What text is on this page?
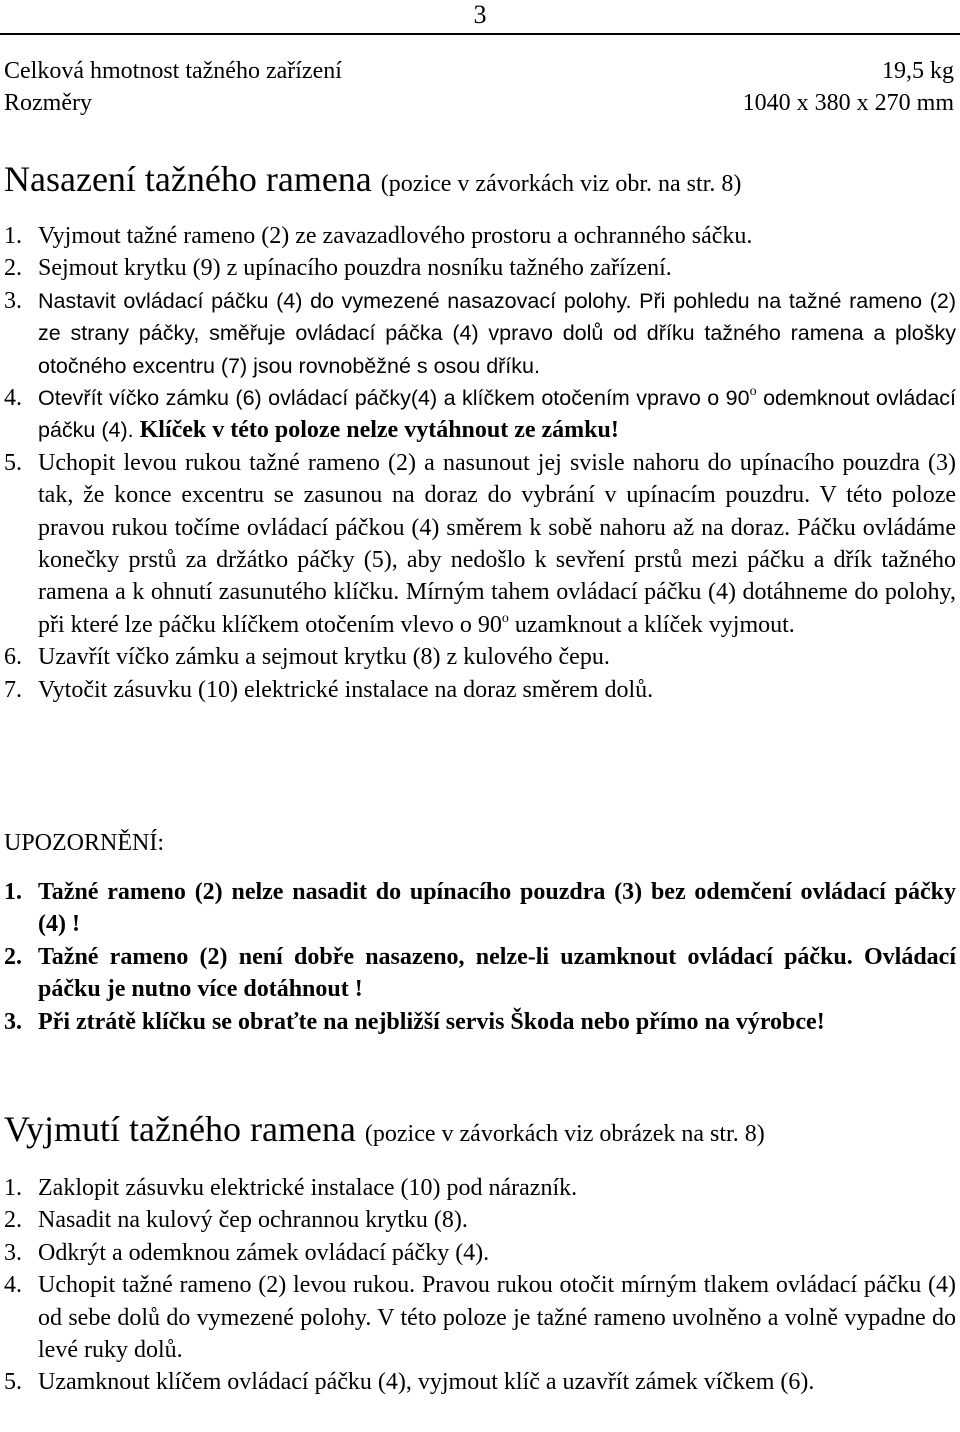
3
Celková hmotnost tažného zařízení	19,5 kg
Rozměry	1040 x 380 x 270 mm
Nasazení tažného ramena (pozice v závorkách viz obr. na str. 8)
1. Vyjmout tažné rameno (2) ze zavazadlového prostoru a ochranného sáčku.
2. Sejmout krytku (9) z upínacího pouzdra nosníku tažného zařízení.
3. Nastavit ovládací páčku (4) do vymezené nasazovací polohy. Při pohledu na tažné rameno (2) ze strany páčky, směřuje ovládací páčka (4) vpravo dolů od dříku tažného ramena a plošky otočného excentru (7) jsou rovnoběžné s osou dříku.
4. Otevřít víčko zámku (6) ovládací páčky(4) a klíčkem otočením vpravo o 90$^o$ odemknout ovládací páčku (4). Klíček v této poloze nelze vytáhnout ze zámku!
5. Uchopit levou rukou tažné rameno (2) a nasunout jej svisle nahoru do upínacího pouzdra (3) tak, že konce excentru se zasunou na doraz do vybrání v upínacím pouzdru. V této poloze pravou rukou točíme ovládací páčkou (4) směrem k sobě nahoru až na doraz. Páčku ovládáme konečky prstů za držátko páčky (5), aby nedošlo k sevření prstů mezi páčku a dřík tažného ramena a k ohnutí zasunutého klíčku. Mírným tahem ovládací páčku (4) dotáhneme do polohy, při které lze páčku klíčkem otočením vlevo o 90$^o$ uzamknout a klíček vyjmout.
6. Uzavřít víčko zámku a sejmout krytku (8) z kulového čepu.
7. Vytočit zásuvku (10) elektrické instalace na doraz směrem dolů.
UPOZORNĚNÍ:
1. Tažné rameno (2) nelze nasadit do upínacího pouzdra (3) bez odemčení ovládací páčky (4) !
2. Tažné rameno (2) není dobře nasazeno, nelze-li uzamknout ovládací páčku. Ovládací páčku je nutno více dotáhnout !
3. Při ztrátě klíčku se obraťte na nejbližší servis Škoda nebo přímo na výrobce!
Vyjmutí tažného ramena (pozice v závorkách viz obrázek na str. 8)
1. Zaklopit zásuvku elektrické instalace (10) pod nárazník.
2. Nasadit na kulový čep ochrannou krytku (8).
3. Odkrýt a odemknou zámek ovládací páčky (4).
4. Uchopit tažné rameno (2) levou rukou. Pravou rukou otočit mírným tlakem ovládací páčku (4) od sebe dolů do vymezené polohy. V této poloze je tažné rameno uvolněno a volně vypadne do levé ruky dolů.
5. Uzamknout klíčem ovládací páčku (4), vyjmout klíč a uzavřít zámek víčkem (6).
